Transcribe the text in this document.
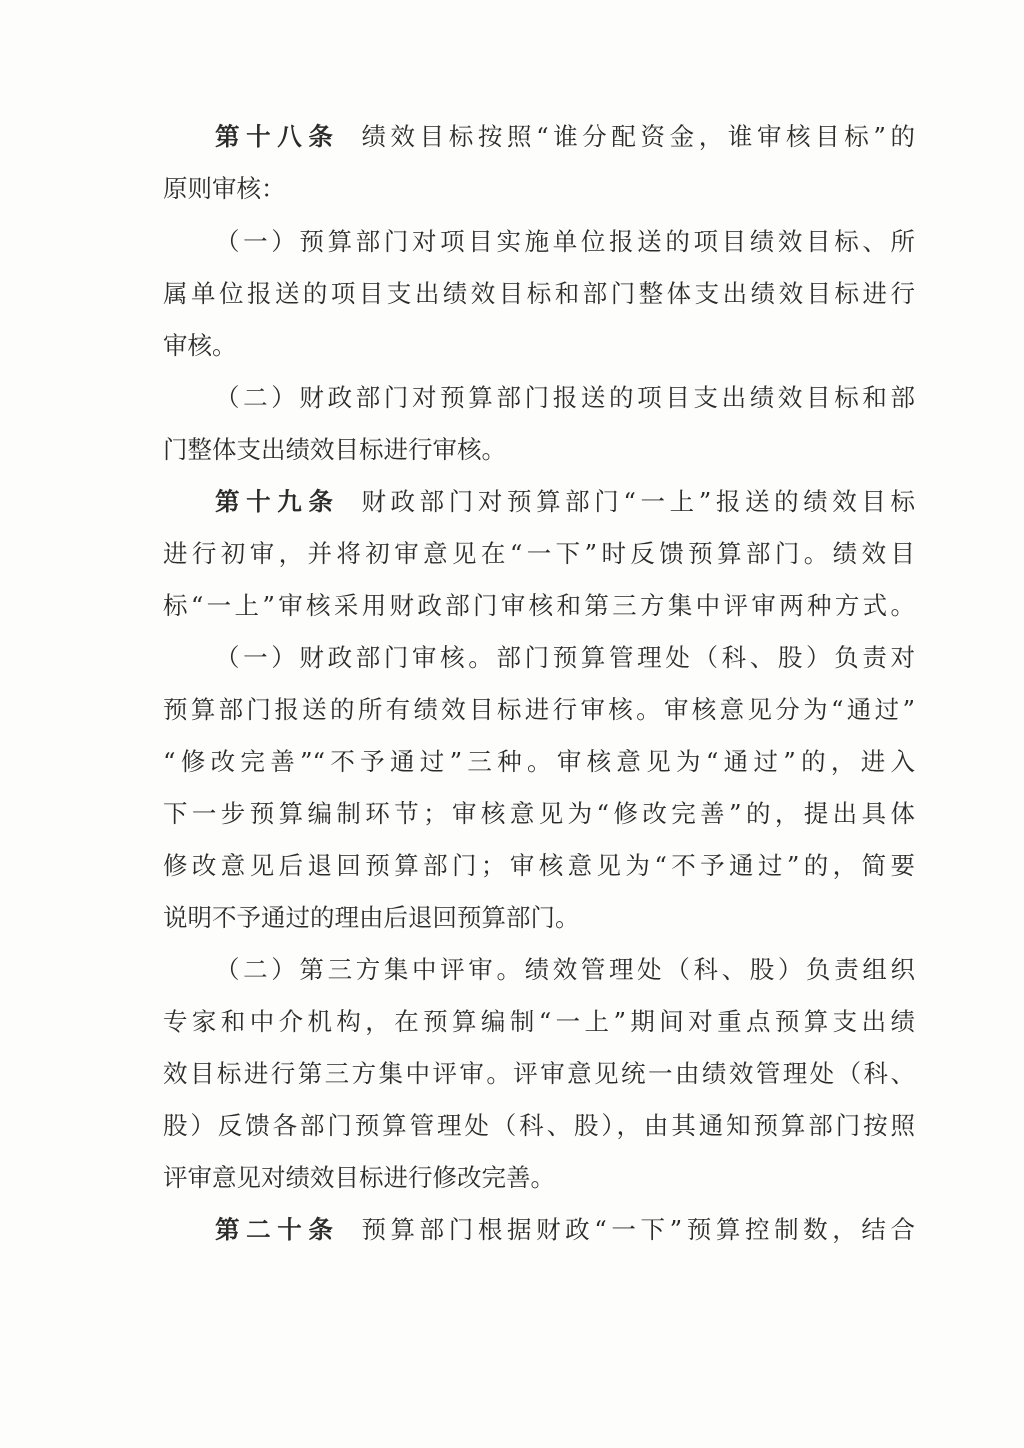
第十八条 绩效目标按照“谁分配资金，谁审核目标”的
原则审核：
（一）预算部门对项目实施单位报送的项目绩效目标、所
属单位报送的项目支出绩效目标和部门整体支出绩效目标进行
审核。
（二）财政部门对预算部门报送的项目支出绩效目标和部
门整体支出绩效目标进行审核。
第十九条 财政部门对预算部门“一上”报送的绩效目标
进行初审，并将初审意见在“一下”时反馈预算部门。绩效目
标“一上”审核采用财政部门审核和第三方集中评审两种方式。
（一）财政部门审核。部门预算管理处（科、股）负责对
预算部门报送的所有绩效目标进行审核。审核意见分为“通过”
“修改完善”“不予通过”三种。审核意见为“通过”的，进入
下一步预算编制环节；审核意见为“修改完善”的，提出具体
修改意见后退回预算部门；审核意见为“不予通过”的，简要
说明不予通过的理由后退回预算部门。
（二）第三方集中评审。绩效管理处（科、股）负责组织
专家和中介机构，在预算编制“一上”期间对重点预算支出绩
效目标进行第三方集中评审。评审意见统一由绩效管理处（科、
股）反馈各部门预算管理处（科、股），由其通知预算部门按照
评审意见对绩效目标进行修改完善。
第二十条 预算部门根据财政“一下”预算控制数，结合
